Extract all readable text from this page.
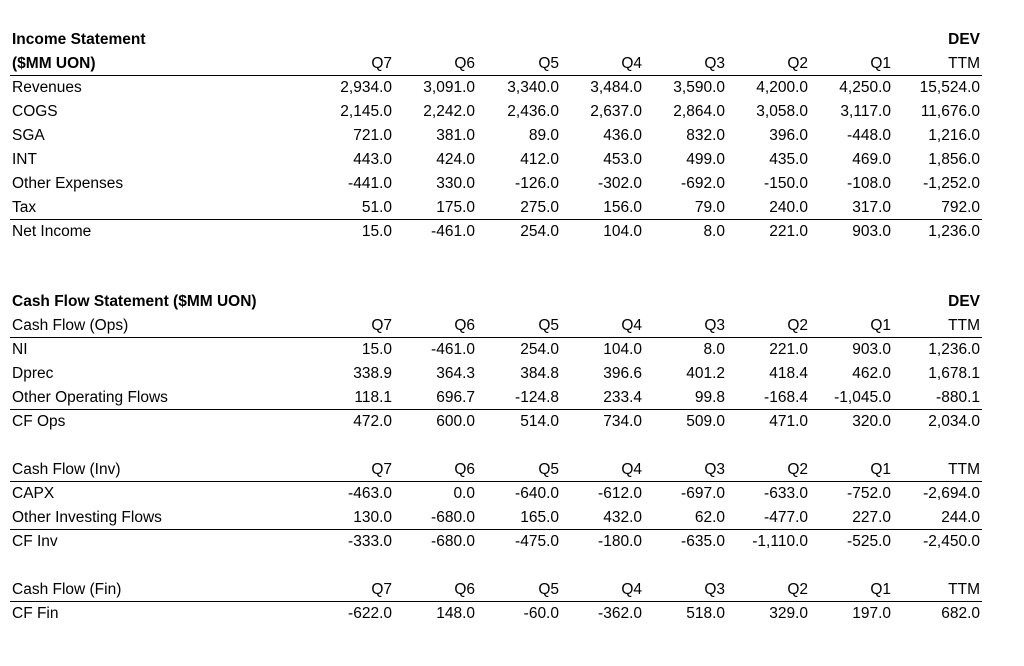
Income Statement	DEV
($MM UON)	Q7	Q6	Q5	Q4	Q3	Q2	Q1	TTM
Revenues	2,934.0	3,091.0	3,340.0	3,484.0	3,590.0	4,200.0	4,250.0	15,524.0
COGS	2,145.0	2,242.0	2,436.0	2,637.0	2,864.0	3,058.0	3,117.0	11,676.0
SGA	721.0	381.0	89.0	436.0	832.0	396.0	-448.0	1,216.0
INT	443.0	424.0	412.0	453.0	499.0	435.0	469.0	1,856.0
Other Expenses	-441.0	330.0	-126.0	-302.0	-692.0	-150.0	-108.0	-1,252.0
Tax	51.0	175.0	275.0	156.0	79.0	240.0	317.0	792.0
Net Income	15.0	-461.0	254.0	104.0	8.0	221.0	903.0	1,236.0
Cash Flow Statement ($MM UON)	DEV
Cash Flow (Ops)	Q7	Q6	Q5	Q4	Q3	Q2	Q1	TTM
NI	15.0	-461.0	254.0	104.0	8.0	221.0	903.0	1,236.0
Dprec	338.9	364.3	384.8	396.6	401.2	418.4	462.0	1,678.1
Other Operating Flows	118.1	696.7	-124.8	233.4	99.8	-168.4	-1,045.0	-880.1
CF Ops	472.0	600.0	514.0	734.0	509.0	471.0	320.0	2,034.0
Cash Flow (Inv)	Q7	Q6	Q5	Q4	Q3	Q2	Q1	TTM
CAPX	-463.0	0.0	-640.0	-612.0	-697.0	-633.0	-752.0	-2,694.0
Other Investing Flows	130.0	-680.0	165.0	432.0	62.0	-477.0	227.0	244.0
CF Inv	-333.0	-680.0	-475.0	-180.0	-635.0	-1,110.0	-525.0	-2,450.0
Cash Flow (Fin)	Q7	Q6	Q5	Q4	Q3	Q2	Q1	TTM
CF Fin	-622.0	148.0	-60.0	-362.0	518.0	329.0	197.0	682.0
